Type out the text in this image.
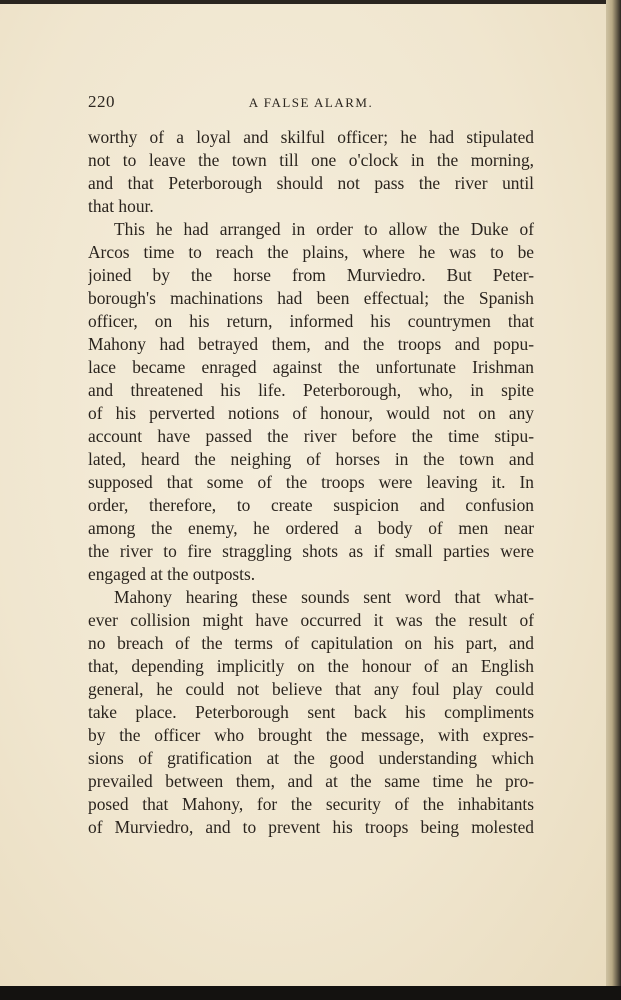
220	A FALSE ALARM.
worthy of a loyal and skilful officer; he had stipulated
not to leave the town till one o'clock in the morning,
and that Peterborough should not pass the river until
that hour.
This he had arranged in order to allow the Duke of
Arcos time to reach the plains, where he was to be
joined by the horse from Murviedro. But Peter-
borough's machinations had been effectual; the Spanish
officer, on his return, informed his countrymen that
Mahony had betrayed them, and the troops and popu-
lace became enraged against the unfortunate Irishman
and threatened his life. Peterborough, who, in spite
of his perverted notions of honour, would not on any
account have passed the river before the time stipu-
lated, heard the neighing of horses in the town and
supposed that some of the troops were leaving it. In
order, therefore, to create suspicion and confusion
among the enemy, he ordered a body of men near
the river to fire straggling shots as if small parties were
engaged at the outposts.
Mahony hearing these sounds sent word that what-
ever collision might have occurred it was the result of
no breach of the terms of capitulation on his part, and
that, depending implicitly on the honour of an English
general, he could not believe that any foul play could
take place. Peterborough sent back his compliments
by the officer who brought the message, with expres-
sions of gratification at the good understanding which
prevailed between them, and at the same time he pro-
posed that Mahony, for the security of the inhabitants
of Murviedro, and to prevent his troops being molested
